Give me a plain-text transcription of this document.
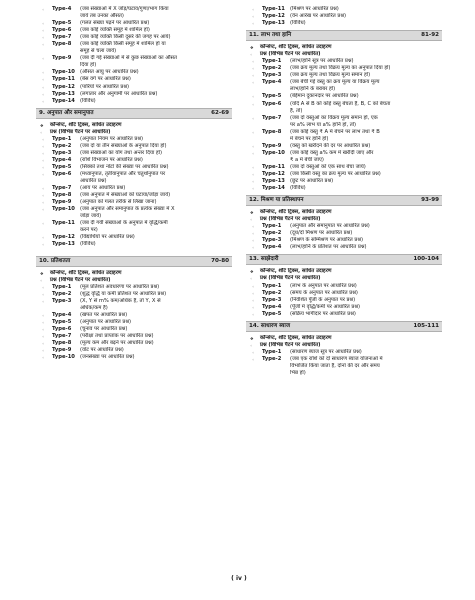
◦ Type-4 (जब संख्याओं में X जोड़/घटाव/गुणा/भाग किया
जाये तब उनका औसत)
◦ Type-5 (गलत संख्या पढ़ने पर आधारित प्रश्न)
◦ Type-6 (जब कोई व्यक्ति समूह में शामिल हो)
◦ Type-7 (जब कोई व्यक्ति किसी दूसरे की जगह पर आये)
◦ Type-8 (जब कोई व्यक्ति किसी समूह में शामिल हो या
समूह से चला जाये)
◦ Type-9 (जब दी गई संख्याओं में से कुछ संख्याओं का औसत
दिया हो)
◦ Type-10 (औसत आयु पर आधारित प्रश्न)
◦ Type-11 (बेस वर्ग पर आधारित प्रश्न)
◦ Type-12 (पारियों पर आधारित प्रश्न)
◦ Type-13 (लगातार और अनुगामी पर आधारित प्रश्न)
◦ Type-14 (विविध)
9. अनुपात और समानुपात	62-69
❖ कॉन्सेप्ट, शॉर्ट ट्रिक्स, साधित उदाहरण
◦ प्रश्न (विभिन्न पैटर्न पर आधारित)
◦ Type-1 (अनुपात नियम पर आधारित प्रश्न)
◦ Type-2 (जब दो या तीन संख्याओं के अनुपात दिया हो)
◦ Type-3 (जब संख्याओं का योग तथा अन्तर दिया हो)
◦ Type-4 (राशि विभाजन पर आधारित प्रश्न)
◦ Type-5 (सिक्कों तथा नोटों की संख्या पर आधारित प्रश्न)
◦ Type-6 (मध्यानुपात, तृतीयानुपात और चतुर्थानुपात पर
आधारित प्रश्न)
◦ Type-7 (आय पर आधारित प्रश्न)
◦ Type-8 (जब अनुपात में संख्याओं को घटाया/जोड़ा जाये)
◦ Type-9 (अनुपात को गलत तरीके से लिखा जाना)
◦ Type-10 (जब अनुपात और समानुपात के प्रत्येक संख्या में X
जोड़ा जाये)
◦ Type-11 (जब दी गयी संख्याओं के अनुपात में वृद्धि/कमी
करने पर)
◦ Type-12 (विद्यार्थियों पर आधारित प्रश्न)
◦ Type-13 (विविध)
10. प्रतिशतता	70-80
❖ कॉन्सेप्ट, शॉर्ट ट्रिक्स, साधित उदाहरण
◦ प्रश्न (विभिन्न पैटर्न पर आधारित)
◦ Type-1 (मूल प्रतिशत अवधारणा पर आधारित प्रश्न)
◦ Type-2 (शुद्ध वृद्धि या कमी प्रतिशत पर आधारित प्रश्न)
◦ Type-3 (X, Y से m% कम/अधिक है, तो Y, X से
अधिक/कम है)
◦ Type-4 (खपत पर आधारित प्रश्न)
◦ Type-5 (अनुपात पर आधारित प्रश्न)
◦ Type-6 (चुनाव पर आधारित प्रश्न)
◦ Type-7 (परीक्षा तथा प्राप्तांक पर आधारित प्रश्न)
◦ Type-8 (मूल्य कम और बढ़ने पर आधारित प्रश्न)
◦ Type-9 (वोट पर आधारित प्रश्न)
◦ Type-10 (जनसंख्या पर आधारित प्रश्न)
◦ Type-11 (मिश्रण पर आधारित प्रश्न)
◦ Type-12 (वेन आरेख पर आधारित प्रश्न)
◦ Type-13 (विविध)
11. लाभ तथा हानि	81-92
❖ कॉन्सेप्ट, शॉर्ट ट्रिक्स, साधित उदाहरण
◦ प्रश्न (विभिन्न पैटर्न पर आधारित)
◦ Type-1 (लाभ/हानि सूत्र पर आधारित प्रश्न)
◦ Type-2 (जब क्रय मूल्य तथा विक्रय मूल्य का अनुपात दिया हो)
◦ Type-3 (जब क्रय मूल्य तथा विक्रय मूल्य समान हो)
◦ Type-4 (जब बेची गई वस्तु का क्रय मूल्य या विक्रय मूल्य
लाभ/हानि के बराबर हो)
◦ Type-5 (बेईमान दुकानदार पर आधारित प्रश्न)
◦ Type-6 (यदि A से B को कोई वस्तु बेचता है, B, C को बेचता
है, तो)
◦ Type-7 (जब दो वस्तुओं का विक्रय मूल्य समान हो, एक
पर a% लाभ या a% हानि हो, तो)
◦ Type-8 (जब कोई वस्तु ₹ A में बेचने पर लाभ तथा ₹ B
में बेचने पर हानि हो)
◦ Type-9 (वस्तु को खरीदने की दर पर आधारित प्रश्न)
◦ Type-10 (जब कोई वस्तु a% कम में खरीदी जाए और
₹ a में बेची जाए)
◦ Type-11 (जब दो वस्तुओं को एक साथ बेचा जाये)
◦ Type-12 (जब किसी वस्तु का क्रय मूल्य पर आधारित प्रश्न)
◦ Type-13 (छूट पर आधारित प्रश्न)
◦ Type-14 (विविध)
12. मिश्रण या प्रतिस्थापन	93-99
❖ कॉन्सेप्ट, शॉर्ट ट्रिक्स, साधित उदाहरण
◦ प्रश्न (विभिन्न पैटर्न पर आधारित)
◦ Type-1 (अनुपात और समानुपात पर आधारित प्रश्न)
◦ Type-2 (दूध/दो मिश्रण पर आधारित प्रश्न)
◦ Type-3 (मिश्रण के सम्मिश्रण पर आधारित प्रश्न)
◦ Type-4 (लाभ/हानि के प्रतिशत पर आधारित प्रश्न)
13. साझेदारी	100-104
❖ कॉन्सेप्ट, शॉर्ट ट्रिक्स, साधित उदाहरण
◦ प्रश्न (विभिन्न पैटर्न पर आधारित)
◦ Type-1 (लाभ के अनुपात पर आधारित प्रश्न)
◦ Type-2 (समय के अनुपात पर आधारित प्रश्न)
◦ Type-3 (निवेशित पूँजी के अनुपात पर प्रश्न)
◦ Type-4 (पूँजी में वृद्धि/कमी पर आधारित प्रश्न)
◦ Type-5 (सक्रिय भागीदार पर आधारित प्रश्न)
14. साधारण ब्याज	105-111
❖ कॉन्सेप्ट, शॉर्ट ट्रिक्स, साधित उदाहरण
◦ प्रश्न (विभिन्न पैटर्न पर आधारित)
◦ Type-1 (साधारण ब्याज सूत्र पर आधारित प्रश्न)
◦ Type-2 (जब एक राशि को दो साधारण ब्याज योजनाओं में
विभाजित किया जाता है, दोनों की दर और समय
भिन्न हो)
( iv )
